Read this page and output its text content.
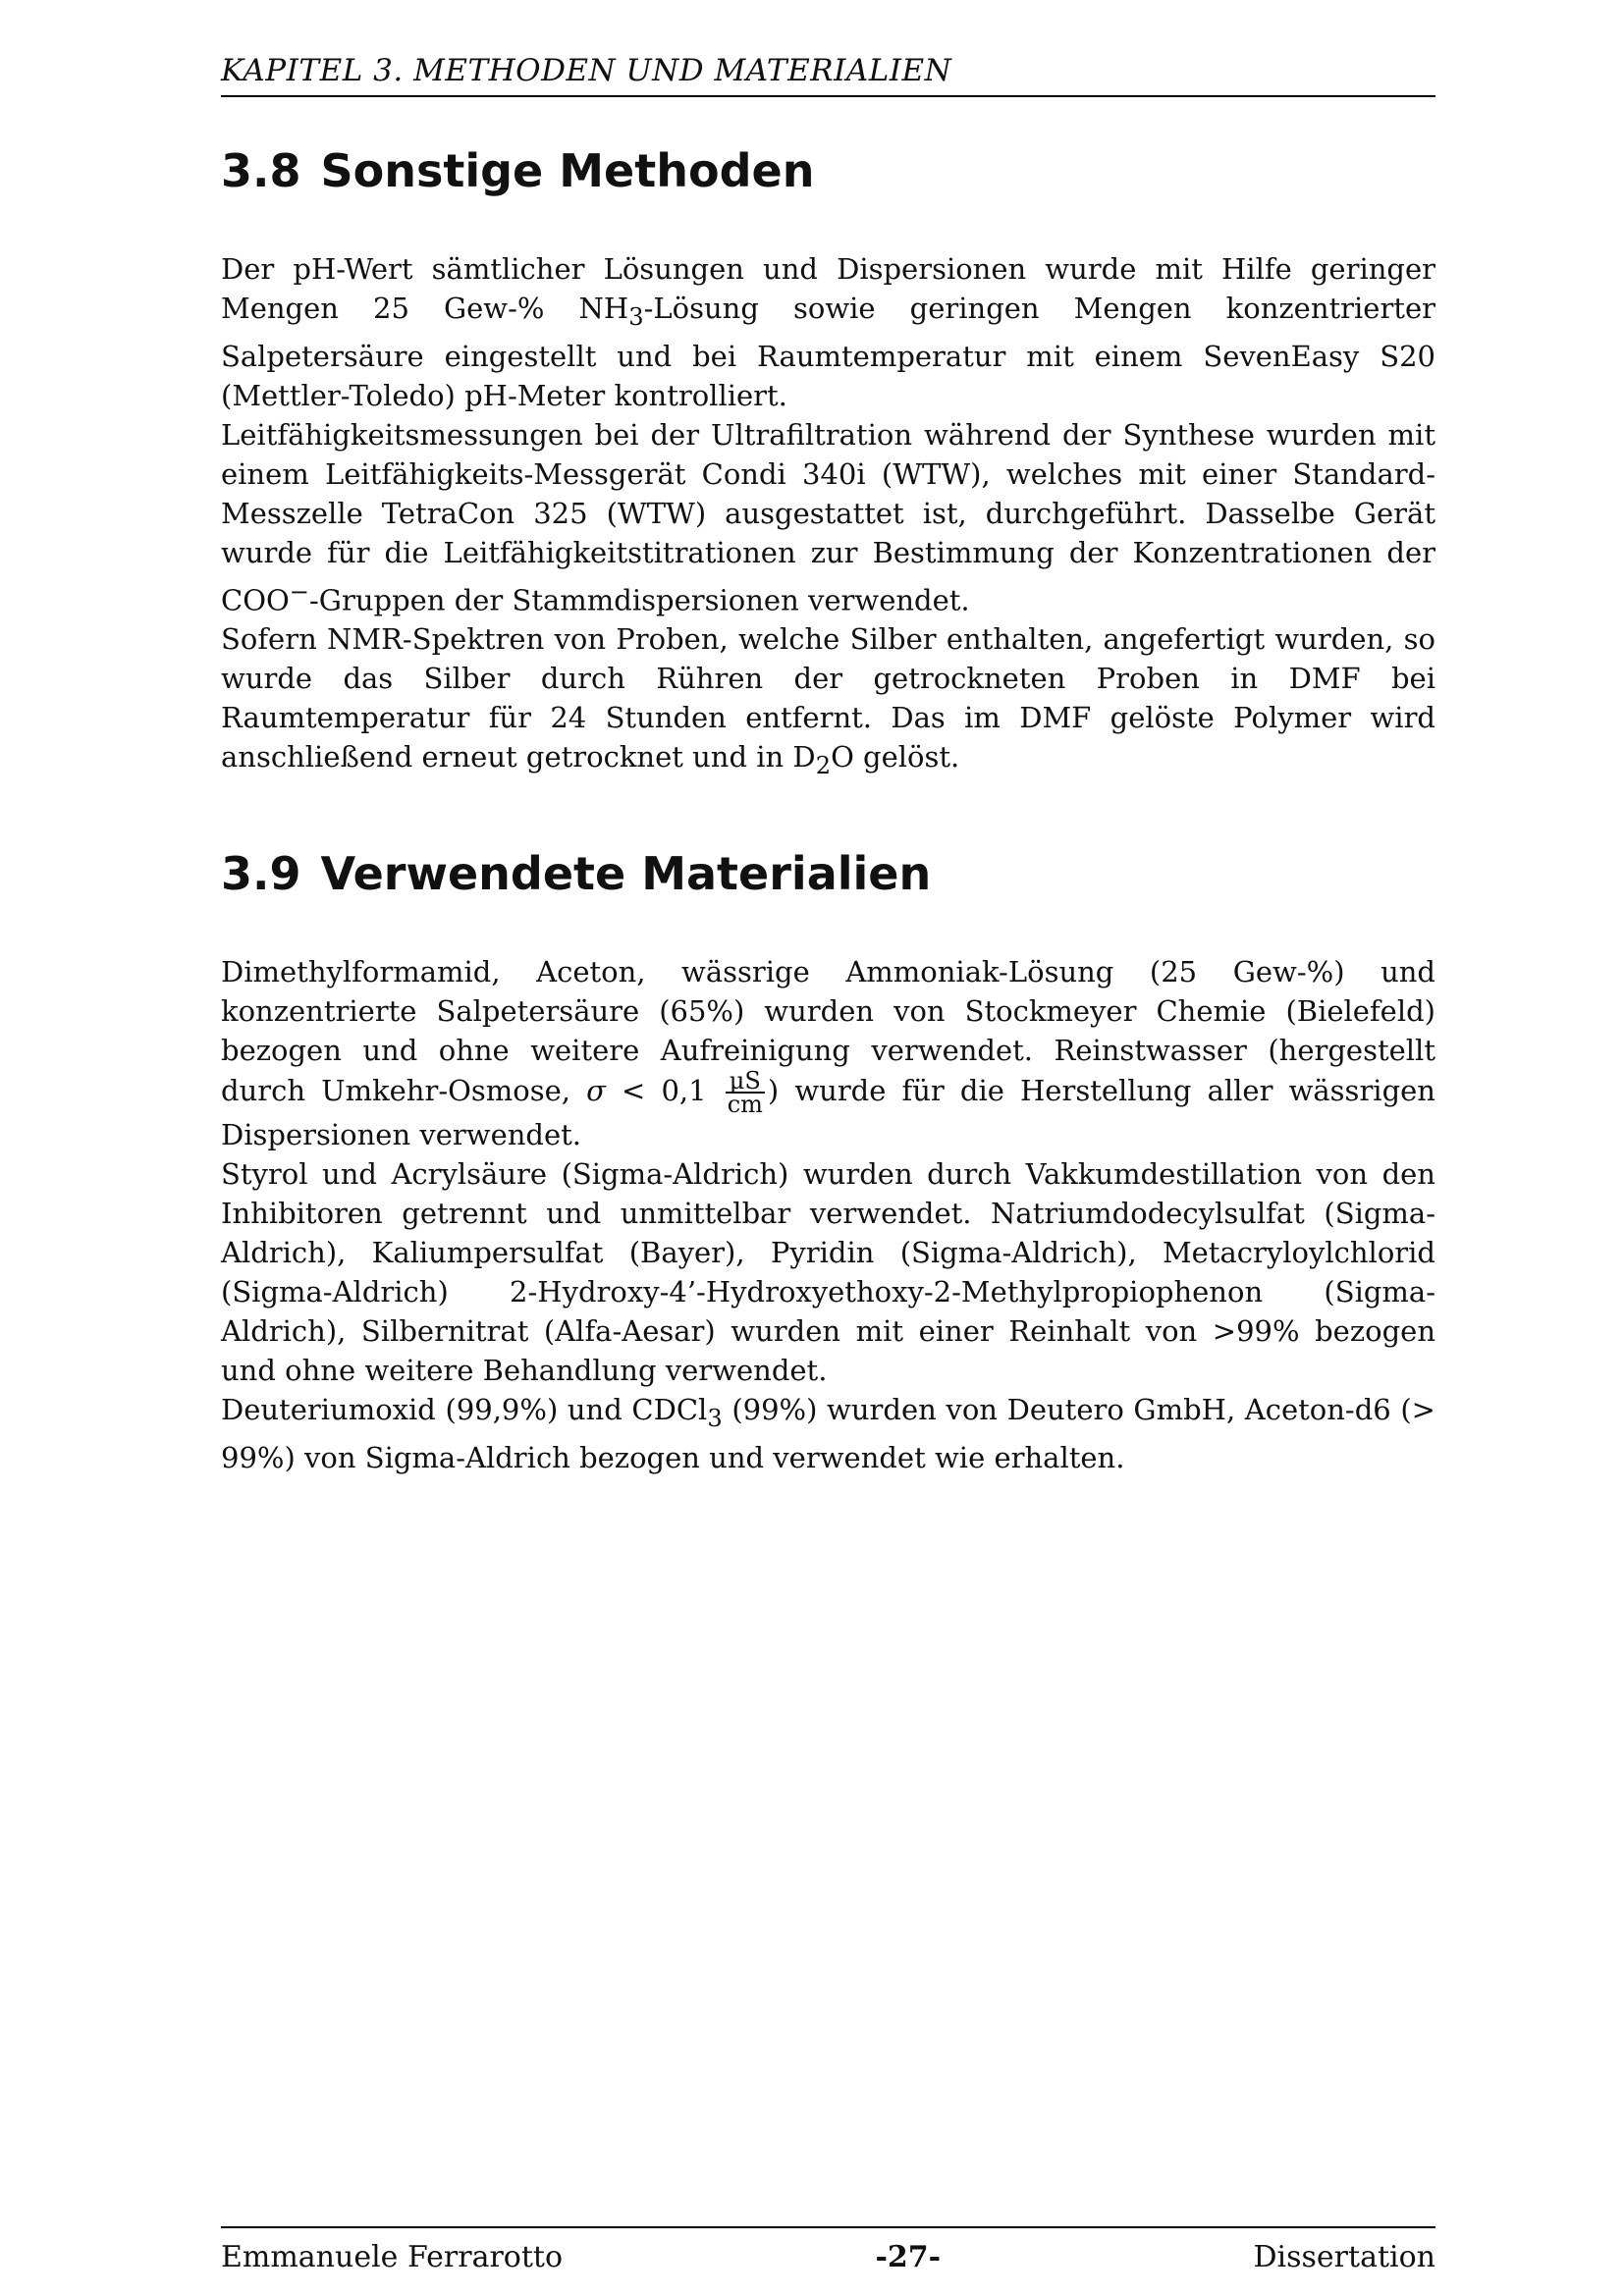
KAPITEL 3. METHODEN UND MATERIALIEN
3.8 Sonstige Methoden

Der pH-Wert sämtlicher Lösungen und Dispersionen wurde mit Hilfe geringer Mengen 25 Gew-% $NH_3$-Lösung sowie geringen Mengen konzentrierter Salpetersäure eingestellt und bei Raumtemperatur mit einem SevenEasy S20 (Mettler-Toledo) pH-Meter kontrolliert.

Leitfähigkeitsmessungen bei der Ultrafiltration während der Synthese wurden mit einem Leitfähigkeits-Messgerät Condi 340i (WTW), welches mit einer Standard-Messzelle TetraCon 325 (WTW) ausgestattet ist, durchgeführt. Dasselbe Gerät wurde für die Leitfähigkeitstitrationen zur Bestimmung der Konzentrationen der COO−-Gruppen der Stammdispersionen verwendet.

Sofern NMR-Spektren von Proben, welche Silber enthalten, angefertigt wurden, so wurde das Silber durch Rühren der getrockneten Proben in DMF bei Raumtemperatur für 24 Stunden entfernt. Das im DMF gelöste Polymer wird anschließend erneut getrocknet und in $D_2O$ gelöst.

3.9 Verwendete Materialien

Dimethylformamid, Aceton, wässrige Ammoniak-Lösung (25 Gew-%) und konzentrierte Salpetersäure (65%) wurden von Stockmeyer Chemie (Bielefeld) bezogen und ohne weitere Aufreinigung verwendet. Reinstwasser (hergestellt durch Umkehr-Osmose, $\sigma < 0,1 \frac{\mu S}{cm}$ ) wurde für die Herstellung aller wässrigen Dispersionen verwendet.

Styrol und Acrylsäure (Sigma-Aldrich) wurden durch Vakkumdestillation von den Inhibitoren getrennt und unmittelbar verwendet. Natriumdodecylsulfat (Sigma-Aldrich), Kaliumpersulfat (Bayer), Pyridin (Sigma-Aldrich), Metacryloylchlorid (Sigma-Aldrich) 2-Hydroxy-4’-Hydroxyethoxy-2-Methylpropiophenon (Sigma-Aldrich), Silbernitrat (Alfa-Aesar) wurden mit einer Reinhalt von >99% bezogen und ohne weitere Behandlung verwendet.

Deuteriumoxid (99,9%) und CDCl$_3$ (99%) wurden von Deutero GmbH, Aceton-d6 (> 99%) von Sigma-Aldrich bezogen und verwendet wie erhalten.

Emmanuele Ferrarotto	-27-	Dissertation
